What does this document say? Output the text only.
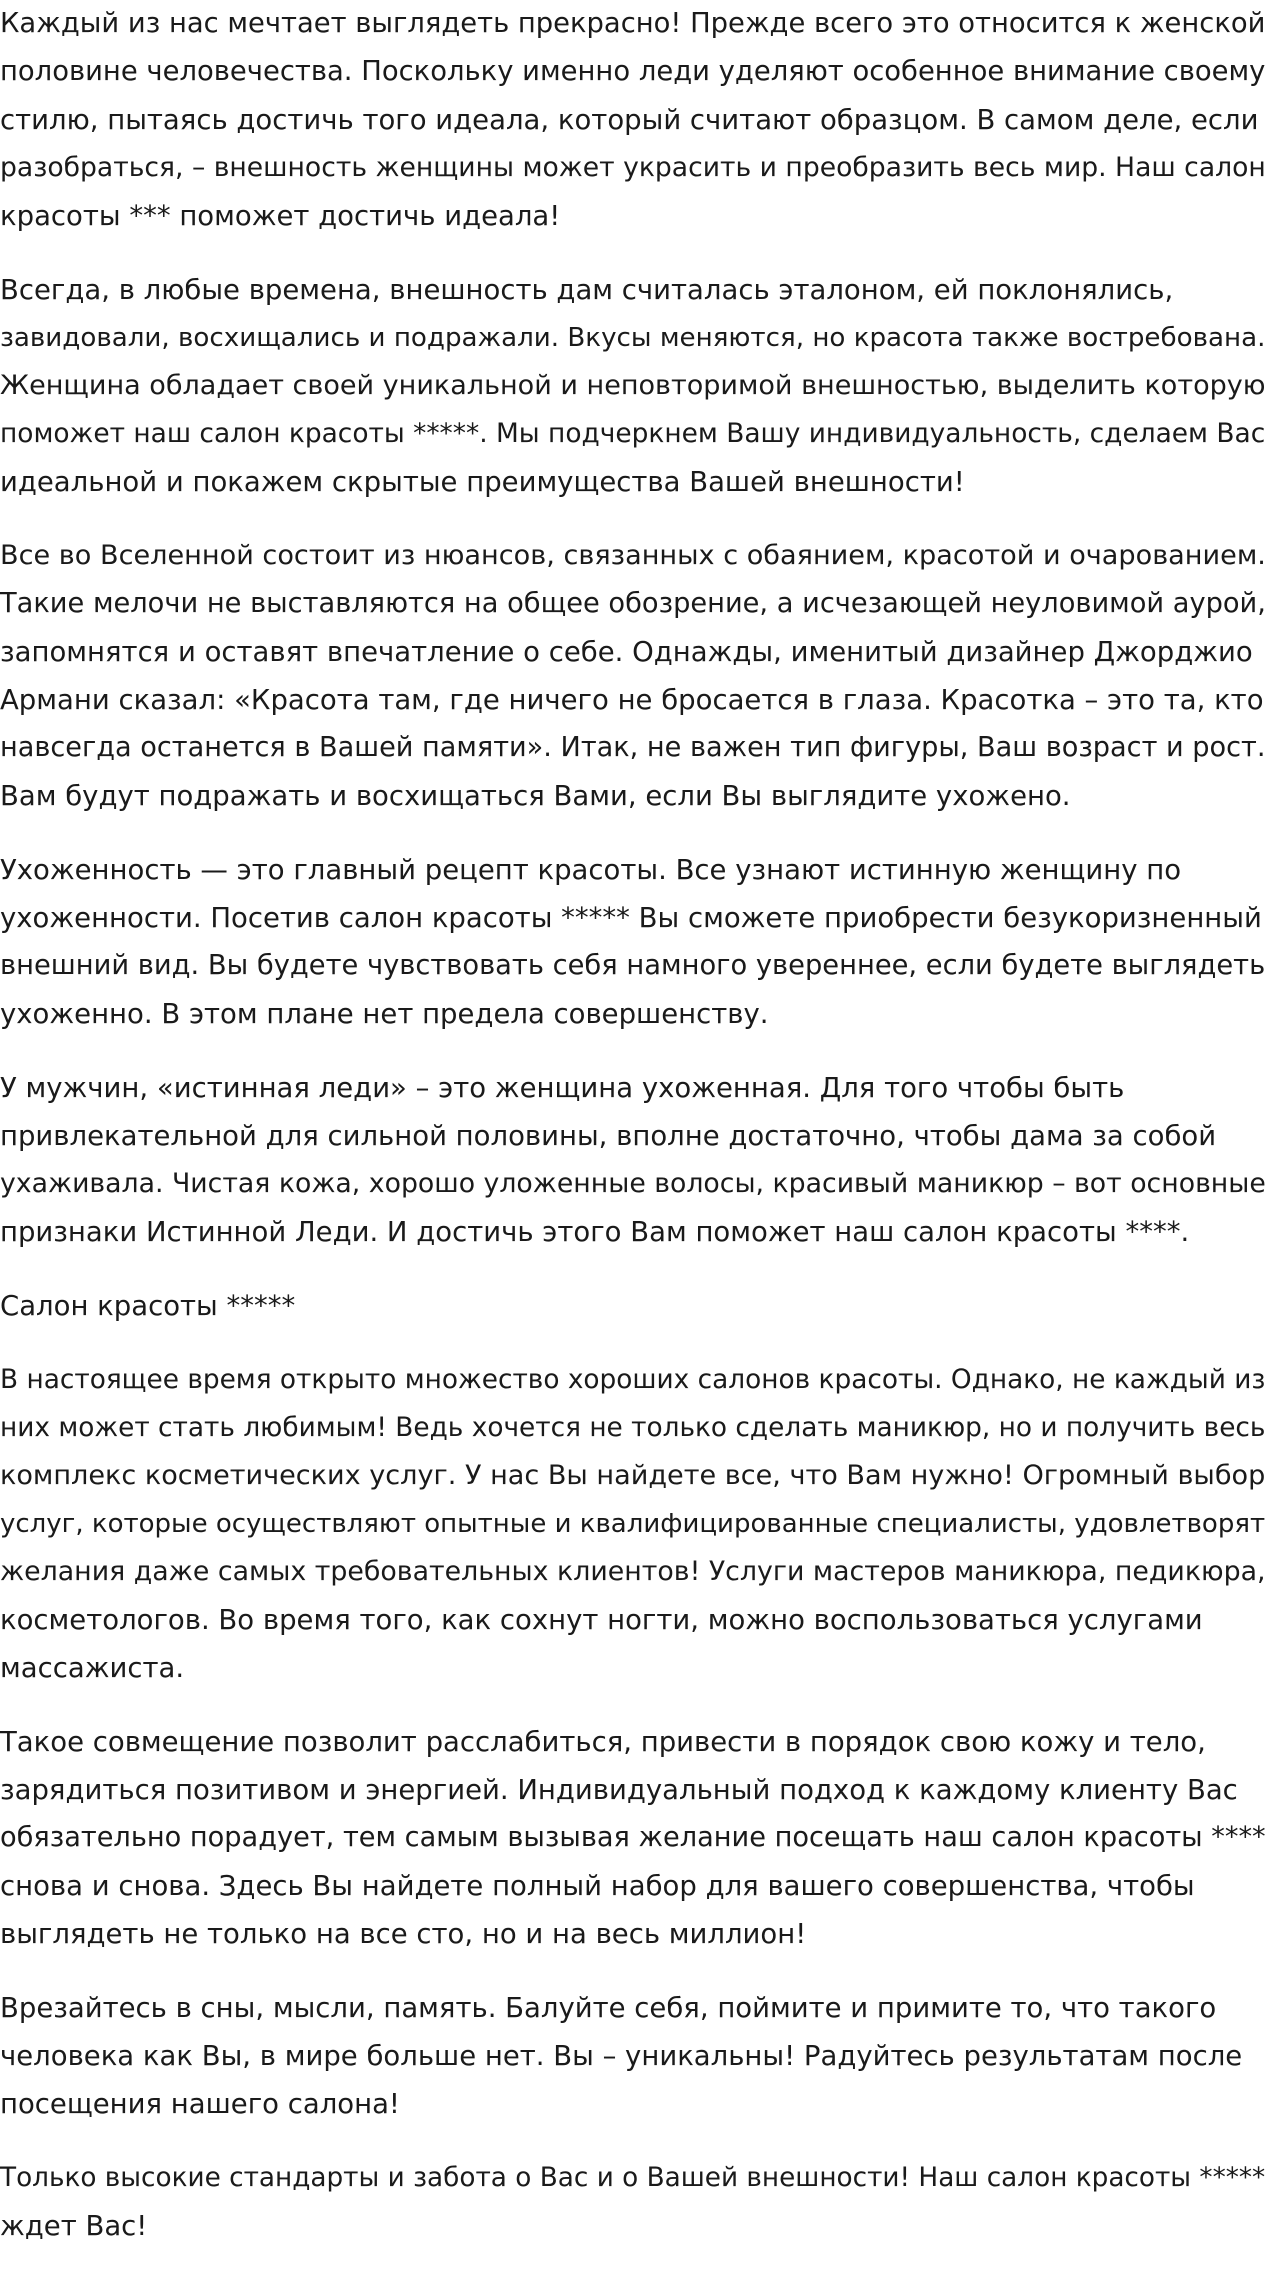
Каждый из нас мечтает выглядеть прекрасно! Прежде всего это относится к женской
половине человечества. Поскольку именно леди уделяют особенное внимание своему
стилю, пытаясь достичь того идеала, который считают образцом. В самом деле, если
разобраться, – внешность женщины может украсить и преобразить весь мир. Наш салон
красоты *** поможет достичь идеала!

Всегда, в любые времена, внешность дам считалась эталоном, ей поклонялись,
завидовали, восхищались и подражали. Вкусы меняются, но красота также востребована.
Женщина обладает своей уникальной и неповторимой внешностью, выделить которую
поможет наш салон красоты *****. Мы подчеркнем Вашу индивидуальность, сделаем Вас
идеальной и покажем скрытые преимущества Вашей внешности!

Все во Вселенной состоит из нюансов, связанных с обаянием, красотой и очарованием.
Такие мелочи не выставляются на общее обозрение, а исчезающей неуловимой аурой,
запомнятся и оставят впечатление о себе. Однажды, именитый дизайнер Джорджио
Армани сказал: «Красота там, где ничего не бросается в глаза. Красотка – это та, кто
навсегда останется в Вашей памяти». Итак, не важен тип фигуры, Ваш возраст и рост.
Вам будут подражать и восхищаться Вами, если Вы выглядите ухожено.

Ухоженность — это главный рецепт красоты. Все узнают истинную женщину по
ухоженности. Посетив салон красоты ***** Вы сможете приобрести безукоризненный
внешний вид. Вы будете чувствовать себя намного увереннее, если будете выглядеть
ухоженно. В этом плане нет предела совершенству.

У мужчин, «истинная леди» – это женщина ухоженная. Для того чтобы быть
привлекательной для сильной половины, вполне достаточно, чтобы дама за собой
ухаживала. Чистая кожа, хорошо уложенные волосы, красивый маникюр – вот основные
признаки Истинной Леди. И достичь этого Вам поможет наш салон красоты ****.

Салон красоты *****

В настоящее время открыто множество хороших салонов красоты. Однако, не каждый из
них может стать любимым! Ведь хочется не только сделать маникюр, но и получить весь
комплекс косметических услуг. У нас Вы найдете все, что Вам нужно! Огромный выбор
услуг, которые осуществляют опытные и квалифицированные специалисты, удовлетворят
желания даже самых требовательных клиентов! Услуги мастеров маникюра, педикюра,
косметологов. Во время того, как сохнут ногти, можно воспользоваться услугами
массажиста.

Такое совмещение позволит расслабиться, привести в порядок свою кожу и тело,
зарядиться позитивом и энергией. Индивидуальный подход к каждому клиенту Вас
обязательно порадует, тем самым вызывая желание посещать наш салон красоты ****
снова и снова. Здесь Вы найдете полный набор для вашего совершенства, чтобы
выглядеть не только на все сто, но и на весь миллион!

Врезайтесь в сны, мысли, память. Балуйте себя, поймите и примите то, что такого
человека как Вы, в мире больше нет. Вы – уникальны! Радуйтесь результатам после
посещения нашего салона!

Только высокие стандарты и забота о Вас и о Вашей внешности! Наш салон красоты *****
ждет Вас!
